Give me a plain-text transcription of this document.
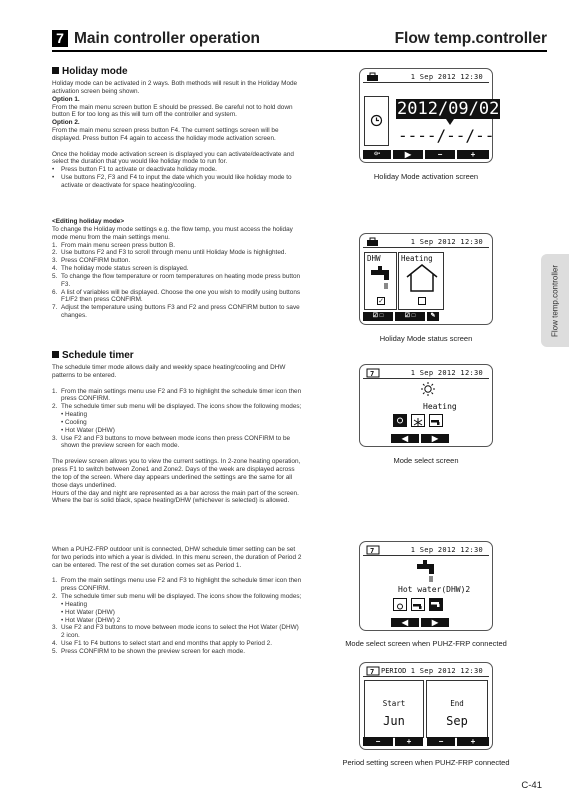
7 Main controller operation	Flow temp.controller
Holiday mode
Holiday mode can be activated in 2 ways. Both methods will result in the Holiday Mode activation screen being shown.
Option 1.
From the main menu screen button E should be pressed. Be careful not to hold down button E for too long as this will turn off the controller and system.
Option 2.
From the main menu screen press button F4. The current settings screen will be displayed. Press button F4 again to access the holiday mode activation screen.
Once the holiday mode activation screen is displayed you can activate/deactivate and select the duration that you would like holiday mode to run for.
• Press button F1 to activate or deactivate holiday mode.
• Use buttons F2, F3 and F4 to input the date which you would like holiday mode to activate or deactivate for space heating/cooling.
<Editing holiday mode>
To change the Holiday mode settings e.g. the flow temp, you must access the holiday mode menu from the main settings menu.
1. From main menu screen press button B.
2. Use buttons F2 and F3 to scroll through menu until Holiday Mode is highlighted.
3. Press CONFIRM button.
4. The holiday mode status screen is displayed.
5. To change the flow temperature or room temperatures on heating mode press button F3.
6. A list of variables will be displayed. Choose the one you wish to modify using buttons F1/F2 then press CONFIRM.
7. Adjust the temperature using buttons F3 and F2 and press CONFIRM button to save changes.
Schedule timer
The schedule timer mode allows daily and weekly space heating/cooling and DHW patterns to be entered.
1. From the main settings menu use F2 and F3 to highlight the schedule timer icon then press CONFIRM.
2. The schedule timer sub menu will be displayed. The icons show the following modes;
• Heating
• Cooling
• Hot Water (DHW)
3. Use F2 and F3 buttons to move between mode icons then press CONFIRM to be shown the preview screen for each mode.
The preview screen allows you to view the current settings. In 2-zone heating operation, press F1 to switch between Zone1 and Zone2. Days of the week are displayed across the top of the screen. Where day appears underlined the settings are the same for all those days underlined.
Hours of the day and night are represented as a bar across the main part of the screen. Where the bar is solid black, space heating/DHW (whichever is selected) is allowed.
When a PUHZ-FRP outdoor unit is connected, DHW schedule timer setting can be set for two periods into which a year is divided. In this menu screen, the duration of Period 2 can be entered. The rest of the set duration comes set as Period 1.
1. From the main settings menu use F2 and F3 to highlight the schedule timer icon then press CONFIRM.
2. The schedule timer sub menu will be displayed. The icons show the following modes;
• Heating
• Hot Water (DHW)
• Hot Water (DHW) 2
3. Use F2 and F3 buttons to move between mode icons to select the Hot Water (DHW) 2 icon.
4. Use F1 to F4 buttons to select start and end months that apply to Period 2.
5. Press CONFIRM to be shown the preview screen for each mode.
1 Sep 2012 12:30
2012/09/02
----/--/--
⊙•	▶	−	+
Holiday Mode activation screen
1 Sep 2012 12:30
DHW
✓
Heating
☑ □	☑ □	✎
Holiday Mode status screen
7	1 Sep 2012 12:30
Heating
◀	▶
Mode select screen
7	1 Sep 2012 12:30
Hot water(DHW)2
◀	▶
Mode select screen when PUHZ-FRP connected
7 PERIOD 1 Sep 2012 12:30
Start
Jun
End
Sep
−	+	−	+
Period setting screen when PUHZ-FRP connected
Flow temp.controller
C-41
